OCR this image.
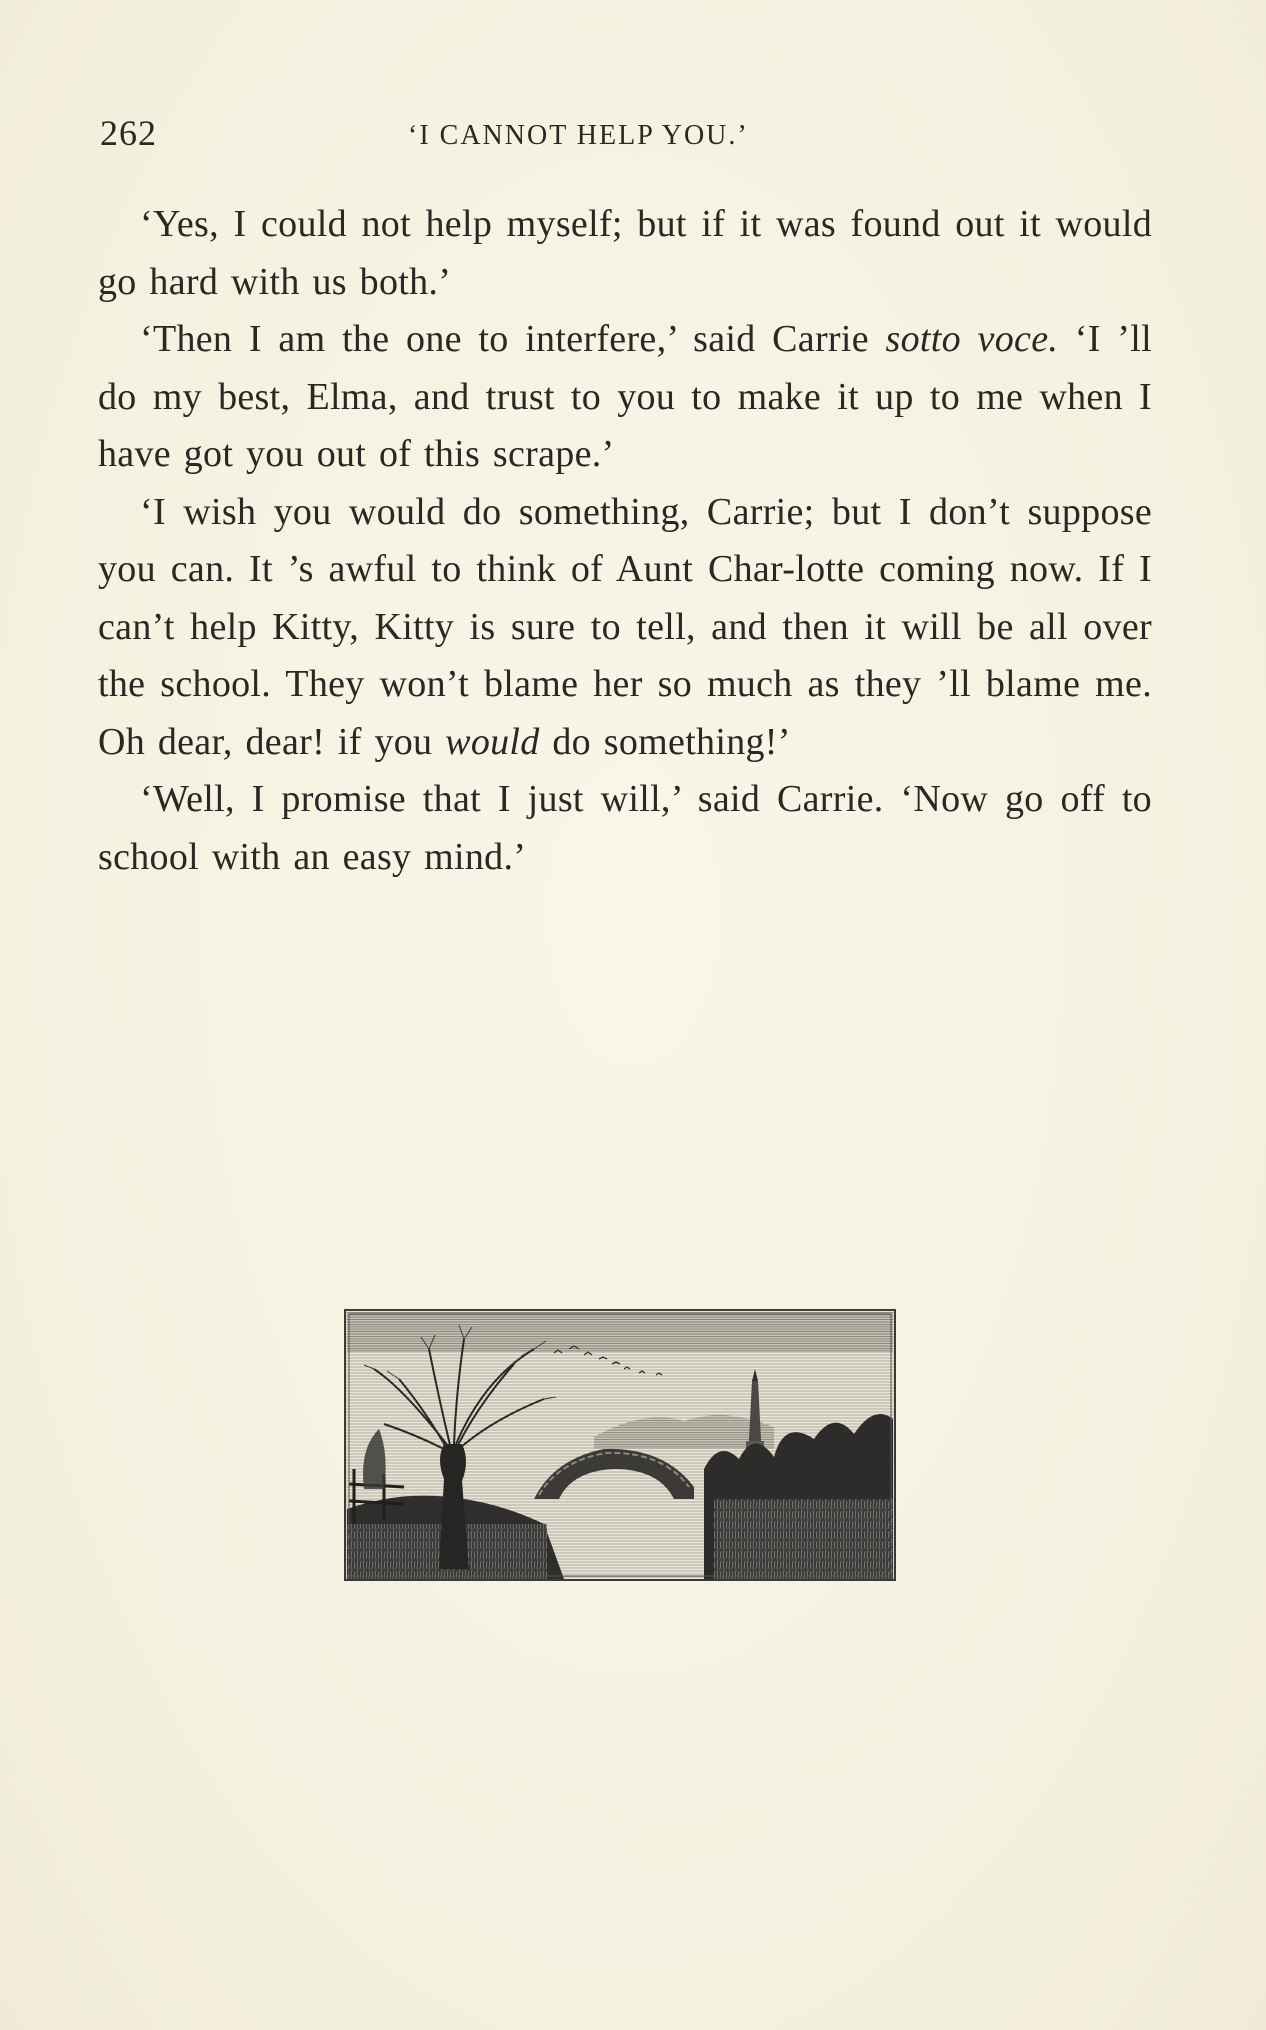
262	‘I CANNOT HELP YOU.’

‘Yes, I could not help myself; but if it was found out it would go hard with us both.’

‘Then I am the one to interfere,’ said Carrie sotto voce. ‘I ’ll do my best, Elma, and trust to you to make it up to me when I have got you out of this scrape.’

‘I wish you would do something, Carrie; but I don’t suppose you can. It ’s awful to think of Aunt Char-lotte coming now. If I can’t help Kitty, Kitty is sure to tell, and then it will be all over the school. They won’t blame her so much as they ’ll blame me. Oh dear, dear! if you would do something!’

‘Well, I promise that I just will,’ said Carrie. ‘Now go off to school with an easy mind.’
